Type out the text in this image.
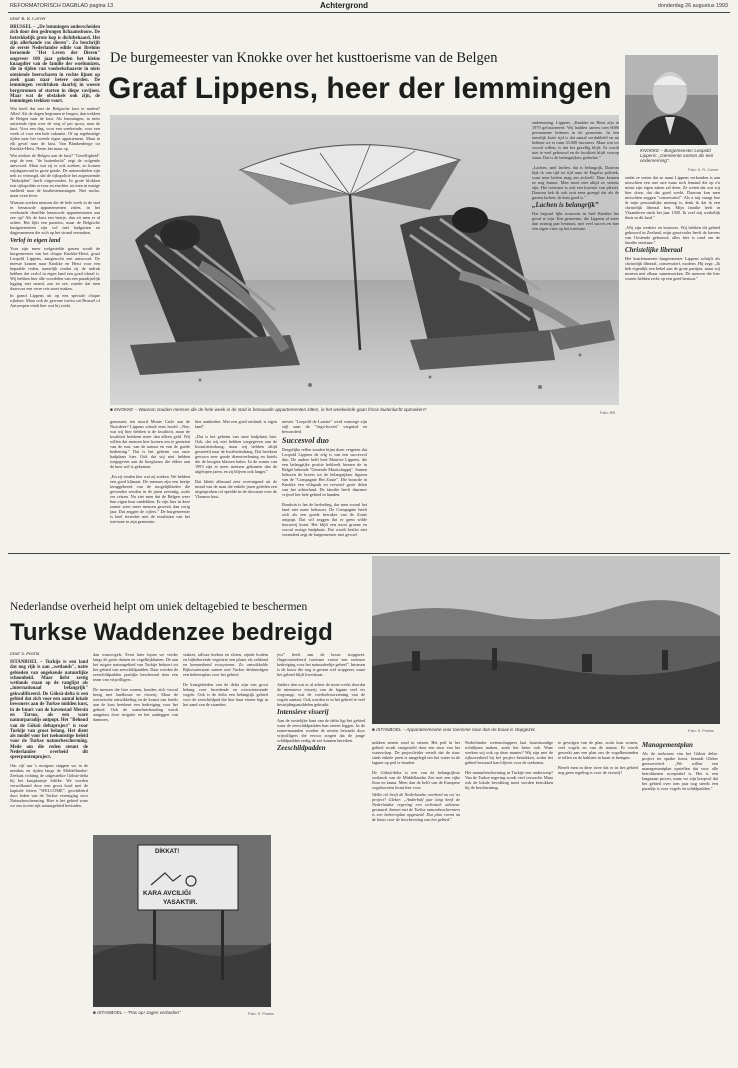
REFORMATORISCH DAGBLAD pagina 13	Achtergrond	donderdag 26 augustus 1993
Door K. R. Corver

BRUSSEL – „De lemmingen onderscheiden zich door den gedrongen lichaamsbouw. De betrekkelijk grote kop is dichtbehaard. Het zijn allerhande ras dieren". Zo beschrijft de eerste Nederlandse editie van Brehms beroemde "Het Leven der Dieren" ongeveer 100 jaar geleden het kleine knaagdier van de familie der woelmuizen, die in tijden van voedselschaarste in niets ontziende heerscharen in rechte lijnen op zoek gaan naar betere oorden. De lemmingen verdrinken daarbij in woeste bergstromen of storten in diepe ravijnen. Maar wat de obstakels ook zijn, de lemmingen trekken voort.

Wat heeft dat met de Belgische kust te maken? Alles! Als de dagen beginnen te lengen, dan trekken de Belgen naar de kust. Als lemmingen, in niets ontziende rijen over de weg of per spoor, naar de kust. Voor een dag, voor een weekeinde, voor een week of voor een hele vakantie. Of op regelmatige tijden naar het tweede eigen appartement. Maar in elk geval naar de kust. Van Blankenberge tot Knokke-Heist. Neem het maar op.

Wat zoeken de Belgen aan de kust? "Gezelligheid" zegt de een; "de buitenlucht" zegt de volgende antwoord. Maar wat zij er ook zoeken, zo komen wijdagsavond in grote getale. De automobielen zijn nelt zo vermogd, dat de rijkspolitie het zogenoemde "blokrijden" heeft uitgevonden. In grote blokken rust rijkspolitie ervoor en erachter tot men in matige snelheid naar de kustbestemmingen. Niet nacho, maar even lever.

Waarom zoeken mensen die de hele week in de stad in benauwde appartementen zitten, in het weekeinde dezelfde benauwde appartementen aan zee op? Als de kust een beetje, dan zit men er al achter. Het lijkt een paradox, maar de Belgische kustgemeenten zijn vol met badgasten en dagjesmensen die zich op het strand vermaken.

Verlof in eigen land

Voor zijn meer welgestelde gasten wordt de burgemeester van het chique Knokke-Heist, graaf Leopold Lippens, aangezocht een antwoord. De meeste komen naar Knokke en Heist voor een bepaalde reden, namelijk omdat zij de indruk hebben dat verlof in eigen land een goed ideaal is. Wij hebben hier alle voordelen van een paradijselijk ligging met strand, zon en zee, zonder dat men daarvoor een verre reis moet maken.

In grand Lippens uit op een speciale chique rijkdom. Maar ook de gewone toerist uit Brussel of Antwerpen vindt hier wat hij zoekt.

De burgemeester van Knokke over het kusttoerisme van de Belgen
Graaf Lippens, heer der lemmingen
■ KNOKKE – Waarom zouden mensen die de hele week in de stad in benauwde appartementen zitten, in het weekeinde gaan frisse buitenlucht opzoeken?
Foto: RD
genomen; ten noord Monte Carlo aan de Noordzee? Lippens schudt eens hoofd. „Nee, wat wij hier hebben is de kwaliteit, maar de kwaliteit betekent meer dan alleen geld. Wij willen dat mensen hier komen om te genieten van de rust, van de natuur en van de goede bediening." Dat is het geheim van onze badplaats hier. Ook dat wij niet hebben toegegeven aan de hoogbouw die elders aan de kust wel is gekomen.

„En zij vinden hier wat zij zoeken. We hebben een goed klimaat. De mensen zijn een beetje teruggekeerd van de mogelijkheden die gevonden werden in de jaren zeventig, zoals ver reizen. Nu ziet men dat de Belgen weer hun eigen kust ontdekken. Er zijn hier in deze zomer weer meer mensen geweest dan vorig jaar. Dat zeggen de cijfers." De burgemeester is heel tevreden met de resultaten van het toerisme in zijn gemeente.
hier aanbieden. Met een goed omland, is eigen land".

„Dat is het geheim van onze badplaats hier. Ook, dat wij niet hebben toegegeven aan de kwantiteitsdrang, maar wij hebben altijd gestreefd naar de kwaliteitsdrang. Dat betekent gewoon zeer goede dienstverlening en hotels die de hoogste klassen halen. In de zomer van 1993 zijn er meer mensen gekomen dan de afgelopen jaren, en zij blijven ook langer."

Dat klinkt allemaal zeer overtuigend uit de mond van de man die enkele jaren geleden een uitgesproken rol speelde in de discussie over de Vlaamse kust.

mester "Leopold de Laatste" werd vanwege zijn stijl naar de "frigo-boxen" verguisd en bewonderd.

Succesvol duo

Dergelijke rellen zouden bijna doen vergeten dat Leopold Lippens de telg is van een succesvol duo. De andere helft heet Maurice Lippens, die een belangrijke positie bekleedt binnen de in België bekende "Generale Maatschappij". Samen behoren de broers tot de belangrijkste figuren van de "Compagnie Het Zoute". Die bouwde in Knokke een villapark en verwierf grote delen van het achterland. De familie heeft daarmee vrijwel het hele gebied in handen.

Boudoin is het de bedoeling, dat men vooral het land niet meer bebouwt. De Compagnie heeft zich als een goede bewaker van de Zoute ontpopt. Dat wil zeggen dat er geen wilde bouwerij komt. Het blijft een mooi groene en vooral rustige badplaats. Dat wordt beslist niet veranderd zegt de burgemeester met gevoel.

endemening. Lippens: „Knokke en Heist zijn in 1970 gefusioneerd. Wij hadden samen toen 6000 permanente ledenen in de gemeente. In een tamelijk korte tijd is dat aantal verdubbeld en nu hebben we er ruim 33.000 inwoners. Maar wat we vooral willen, is dat het gezellig blijft. Er wordt niet te veel gebouwd en de kwaliteit blijft voorop staan. Dat is de belangrijkste gedachte."

„Lachen, snel lachen, dat is belangrijk. Daarom kijk ik van tijd tot tijd naar de Engelse politiek, waar men lachen mag om zichzelf. Daar kennen ze nog humor. Men moet niet altijd zo serieus zijn. Het toerisme is ook een kwestie van plezier. Daarom heb ik ook ooit eens gezegd dat als de gasten lachen, de kust goed is."

„Lachen is belangrijk”

Dat begraaf lijkt trouwens in heel Knokke het geval te zijn. Een gemeente, die Lippens al meer dan twintig jaar bestuurt, met veel succes en met een eigen visie op het toerisme.

KNOKKE – Burgemeester Leopold Lippens: „Gemeente runnen als een onderneming".
Foto: K. R. Corver

ondat ze weten dat ze naast Lippens verbonden is aan misschien een rare rare maar toch lemand die op z'n minst zijn eigen zaken zal doen. Ze weten dat wat wij hier doen, dat dat goed werkt. Daarom kan men misschien zeggen "conservatief". Als u mij vraagt hoe ik mijn persoonlijke mening is, denk ik dat ik een christelijk liberaal ben. Mijn familie leeft in Vlaanderen sinds het jaar 1300. Ik voel mij werkelijk thuis in dit land."

„Wij zijn werkers en bouwers. Wij hebben dit gebied gebouwd in Zeeland, mijn grootvader heeft de havens van Oostende gebouwd, alles hier is rond om de familie ontstaan."

Christelijke liberaal

Het kustfenomeen burgemeester Lippens schrijft als christelijk liberaal, conservatief, modern. Hij zegt: „Ik heb eigenlijk een hekel aan de grote partijen, maar wij moeten met elkaar samenwerken. De mensen die hier wonen hebben recht op een goed bestuur."

Nederlandse overheid helpt om uniek deltagebied te beschermen
Turkse Waddenzee bedreigd
Door S. Poorta

ISTANBOEL – Turkije is een land dat nog rijk is aan „wetlands", natte gebieden van ongekende natuurlijke schoonheid. Maar liefst zestig wetlands staan op de ranglijst als „internationaal belangrijk" gekwalificeerd. De Göksü-delta is een gebied dat zich voor een aantal lokale bewoners aan de Turkse midden kust, in de buurt van de havenstad Mersin en Tarsus, als een ware natuurparadijs ontpopt. Het "Behoud van de Göksü deltaproject" is voor Turkije van groot belang. Het dient als model voor het toekomstige beleid voor de Turkse natuurbescherming. Mede om die reden steunt de Nederlandse overheid dit speerpuntenproject.

Om vijf uur 's morgens stappen we in de minibus en rijden langs de Middellandse-Zeekust richting de uitgestrekte Göksü-delta bij het kustplaatsje Silifke. We worden verwelkomd door een groot bord met de kapitale letters "WELCOME", geschilderd door leden van de Turkse vereniging voor Natuurbescherming. Hier is het gebied waar we ons in een rijk natuurgebied bevinden.

dan waarvogels. Even later lopen we verder langs de grote duinen en vogelkijkhutten. De aan het ruigste natuurgebied van Turkije behoort tot het gebied van zeeschildpadden. Daar worden de zeeschildpadden jaarlijks beschermd door een team van vrijwilligers.

De mensen die hier wonen, houden zich vooral bezig met landbouw en visserij. Maar de toeristische ontwikkeling en de komst van hotels aan de kust betekent een bedreiging voor het gebied. Ook de waterhuishouding wordt aangetast door irrigatie en het aanleggen van dammen.
viaktes, talloze kreken en sloten, zijnde bodem en bijbehorende vegetatie een plaats als zeldzaal en kenmerkend ecosysteem. Zo ontwikkelde Rijkswaterstaat samen met Turkse deskundigen een beheersplan voor het gebied.

De kustgebieden van de delta zijn van groot belang voor broedende en overwinterende vogels. Ook is de delta een belangrijk gebied voor de zeeschildpad die hier haar eieren legt in het zand van de stranden.
DİKKAT!
KARA AVCILIĞI
YASAKTIR.
■ ISTANBOEL – "Pas op! Jagen verboden"	Foto: S. Poorta

jectˮ heeft aan de bouw stopgezet. Ongecontroleerd toerisme vormt een serieuze bedreiging voor het natuurdeeltje geheel". Intussen is de bouw die nog is gestart wel stopgezet, maar het gebied blijft kwetsbaar.

Anders dan wat er al achter de moet werkt doordat de intensieve visserij van de lagune veel vis wegvangt, wat de voedselvoorziening van de vogels aantast. Ook worden er in het gebied te veel bestrijdingsmiddelen gebruikt.

Intensieve visserij

Aan de oostelijke kant van de delta ligt het gebied waar de zeeschildpadden hun eieren leggen. In de zomermaanden worden de nesten bewaakt door vrijwilligers die ervoor zorgen dat de jonge schildpadden veilig de zee kunnen bereiken.

Zeeschildpadden
■ ISTANBOEL – Apparatenmeane voor toerisme naar dan de bouw is stopgezet.	Foto: S. Poorta

mikken stenen rond in stenen. Het peil in het gebied wordt vastgesteld door een stuw van het waterschap. De projectleider vertelt dat de stuw sinds enkele jaren is aangelegd om het water in de lagune op peil te houden.

De Göksü-delta is een van de belangrijkste wetlands van de Middellandse Zee met een rijke flora en fauna. Meer dan de helft van de Europese vogelsoorten komt hier voor.

Welke rol heeft de Nederlandse overheid nu tot 'ns project? Gleker: „Anderhalf jaar lang heeft de Nederlandse regering een technisch adviseur gestuurd. Samen met de Turkse natuurbeschermers is een beheersplan opgesteld. Dat plan vormt nu de basis voor de bescherming van het gebied."

Nederlandse wetenschappers laat bouwkundige richtlijnen maken, zoals het beste ook. Waar werken wij ook op deze manier? Wij zijn met de rijksoverheid bij het project betrokken, zodat het gebied bewaard kan blijven voor de toekomst.

Het natuurbescherming in Turkije een onderwerp? Van de Turkse regering wordt veel verwacht. Maar ook de lokale bevolking moet worden betrokken bij de bescherming.

te gevolgen van de plan, zoals kust wonen, veel vogels en van de natuur. Er wordt gewerkt aan een plan om de vogelbestanden te tellen en de habitats in kaart te brengen.

Beseft men in deze twee dat er in het gebied nog geen regeling is voor de visserij?

Managementplan

Als de toekomst van het Göksü delta-project ter sprake komt, beraadt Gleker gereserveerd. „We willen een managementplan opstellen dat voor alle betrokkenen acceptabel is. Het is een langzaam proces, maar we zijn hoopvol dat het gebied over tien jaar nog steeds een paradijs is voor vogels en schildpadden."
